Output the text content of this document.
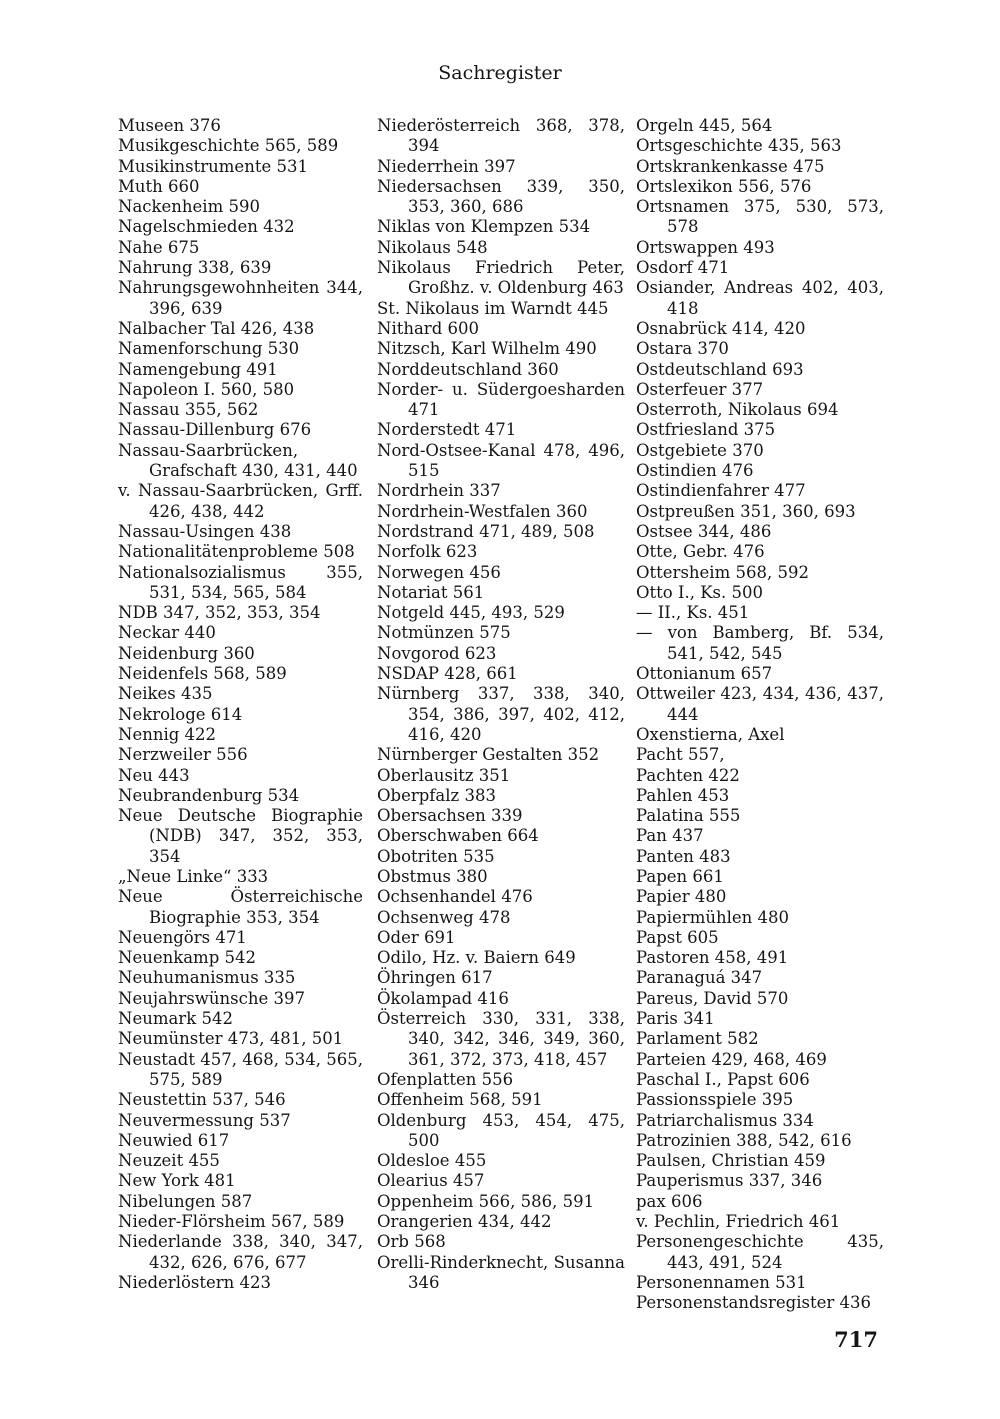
Sachregister
Museen 376
Musikgeschichte 565, 589
Musikinstrumente 531
Muth 660
Nackenheim 590
Nagelschmieden 432
Nahe 675
Nahrung 338, 639
Nahrungsgewohnheiten 344, 396, 639
Nalbacher Tal 426, 438
Namenforschung 530
Namengebung 491
Napoleon I. 560, 580
Nassau 355, 562
Nassau-Dillenburg 676
Nassau-Saarbrücken, Grafschaft 430, 431, 440
v. Nassau-Saarbrücken, Grff. 426, 438, 442
Nassau-Usingen 438
Nationalitätenprobleme 508
Nationalsozialismus 355, 531, 534, 565, 584
NDB 347, 352, 353, 354
Neckar 440
Neidenburg 360
Neidenfels 568, 589
Neikes 435
Nekrologe 614
Nennig 422
Nerzweiler 556
Neu 443
Neubrandenburg 534
Neue Deutsche Biographie (NDB) 347, 352, 353, 354
„Neue Linke“ 333
Neue Österreichische Biographie 353, 354
Neuengörs 471
Neuenkamp 542
Neuhumanismus 335
Neujahrswünsche 397
Neumark 542
Neumünster 473, 481, 501
Neustadt 457, 468, 534, 565, 575, 589
Neustettin 537, 546
Neuvermessung 537
Neuwied 617
Neuzeit 455
New York 481
Nibelungen 587
Nieder-Flörsheim 567, 589
Niederlande 338, 340, 347, 432, 626, 676, 677
Niederlöstern 423
Niederösterreich 368, 378, 394
Niederrhein 397
Niedersachsen 339, 350, 353, 360, 686
Niklas von Klempzen 534
Nikolaus 548
Nikolaus Friedrich Peter, Großhz. v. Oldenburg 463
St. Nikolaus im Warndt 445
Nithard 600
Nitzsch, Karl Wilhelm 490
Norddeutschland 360
Norder- u. Südergoesharden 471
Norderstedt 471
Nord-Ostsee-Kanal 478, 496, 515
Nordrhein 337
Nordrhein-Westfalen 360
Nordstrand 471, 489, 508
Norfolk 623
Norwegen 456
Notariat 561
Notgeld 445, 493, 529
Notmünzen 575
Novgorod 623
NSDAP 428, 661
Nürnberg 337, 338, 340, 354, 386, 397, 402, 412, 416, 420
Nürnberger Gestalten 352
Oberlausitz 351
Oberpfalz 383
Obersachsen 339
Oberschwaben 664
Obotriten 535
Obstmus 380
Ochsenhandel 476
Ochsenweg 478
Oder 691
Odilo, Hz. v. Baiern 649
Öhringen 617
Ökolampad 416
Österreich 330, 331, 338, 340, 342, 346, 349, 360, 361, 372, 373, 418, 457
Ofenplatten 556
Offenheim 568, 591
Oldenburg 453, 454, 475, 500
Oldesloe 455
Olearius 457
Oppenheim 566, 586, 591
Orangerien 434, 442
Orb 568
Orelli-Rinderknecht, Susanna 346
Orgeln 445, 564
Ortsgeschichte 435, 563
Ortskrankenkasse 475
Ortslexikon 556, 576
Ortsnamen 375, 530, 573, 578
Ortswappen 493
Osdorf 471
Osiander, Andreas 402, 403, 418
Osnabrück 414, 420
Ostara 370
Ostdeutschland 693
Osterfeuer 377
Osterroth, Nikolaus 694
Ostfriesland 375
Ostgebiete 370
Ostindien 476
Ostindienfahrer 477
Ostpreußen 351, 360, 693
Ostsee 344, 486
Otte, Gebr. 476
Ottersheim 568, 592
Otto I., Ks. 500
— II., Ks. 451
— von Bamberg, Bf. 534, 541, 542, 545
Ottonianum 657
Ottweiler 423, 434, 436, 437, 444
Oxenstierna, Axel
Pacht 557,
Pachten 422
Pahlen 453
Palatina 555
Pan 437
Panten 483
Papen 661
Papier 480
Papiermühlen 480
Papst 605
Pastoren 458, 491
Paranaguá 347
Pareus, David 570
Paris 341
Parlament 582
Parteien 429, 468, 469
Paschal I., Papst 606
Passionsspiele 395
Patriarchalismus 334
Patrozinien 388, 542, 616
Paulsen, Christian 459
Pauperismus 337, 346
pax 606
v. Pechlin, Friedrich 461
Personengeschichte 435, 443, 491, 524
Personennamen 531
Personenstandsregister 436
717
